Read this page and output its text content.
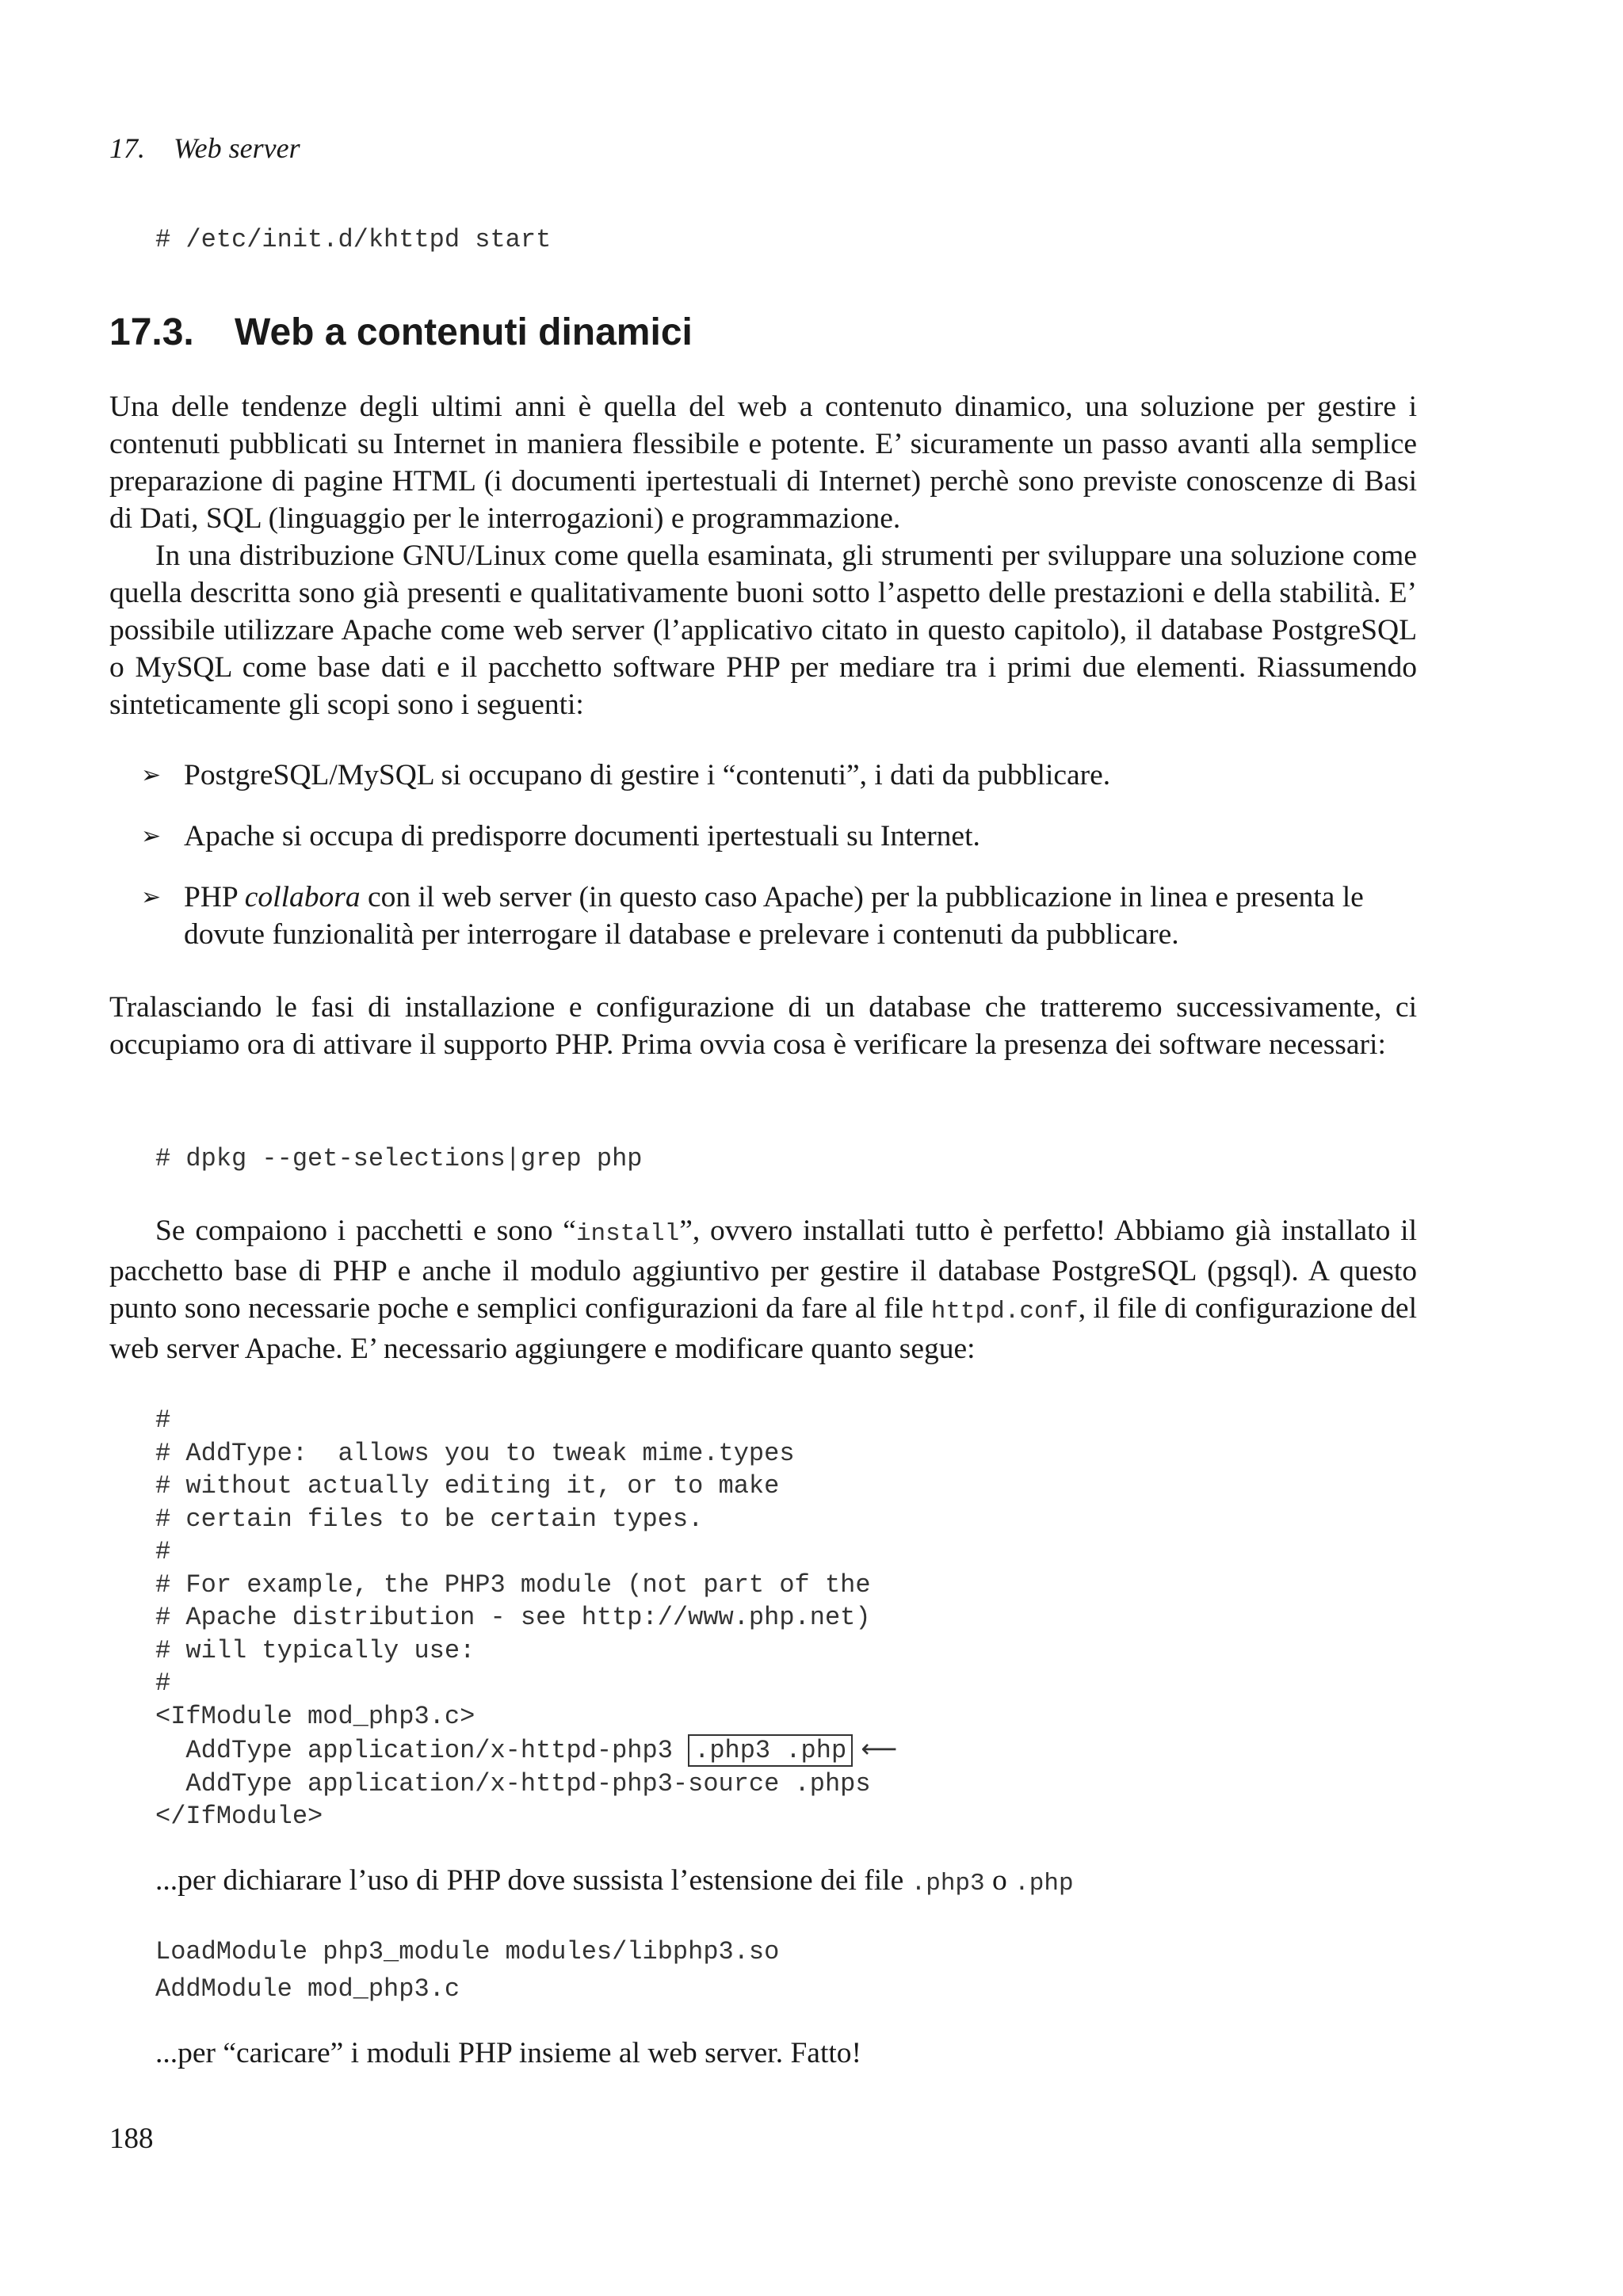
17. Web server
# /etc/init.d/khttpd start
17.3. Web a contenuti dinamici

Una delle tendenze degli ultimi anni è quella del web a contenuto dinamico, una soluzione per gestire i contenuti pubblicati su Internet in maniera flessibile e potente. E’ sicuramente un passo avanti alla semplice preparazione di pagine HTML (i documenti ipertestuali di Internet) perchè sono previste conoscenze di Basi di Dati, SQL (linguaggio per le interrogazioni) e programmazione.

In una distribuzione GNU/Linux come quella esaminata, gli strumenti per sviluppare una soluzione come quella descritta sono già presenti e qualitativamente buoni sotto l’aspetto delle prestazioni e della stabilità. E’ possibile utilizzare Apache come web server (l’applicativo citato in questo capitolo), il database PostgreSQL o MySQL come base dati e il pacchetto software PHP per mediare tra i primi due elementi. Riassumendo sinteticamente gli scopi sono i seguenti:

➢ PostgreSQL/MySQL si occupano di gestire i “contenuti”, i dati da pubblicare.
➢ Apache si occupa di predisporre documenti ipertestuali su Internet.
➢ PHP collabora con il web server (in questo caso Apache) per la pubblicazione in linea e presenta le dovute funzionalità per interrogare il database e prelevare i contenuti da pubblicare.

Tralasciando le fasi di installazione e configurazione di un database che tratteremo successivamente, ci occupiamo ora di attivare il supporto PHP. Prima ovvia cosa è verificare la presenza dei software necessari:

# dpkg --get-selections|grep php

Se compaiono i pacchetti e sono “install”, ovvero installati tutto è perfetto! Abbiamo già installato il pacchetto base di PHP e anche il modulo aggiuntivo per gestire il database PostgreSQL (pgsql). A questo punto sono necessarie poche e semplici configurazioni da fare al file httpd.conf, il file di configurazione del web server Apache. E’ necessario aggiungere e modificare quanto segue:

#
# AddType:  allows you to tweak mime.types
# without actually editing it, or to make
# certain files to be certain types.
#
# For example, the PHP3 module (not part of the
# Apache distribution - see http://www.php.net)
# will typically use:
#
<IfModule mod_php3.c>
AddType application/x-httpd-php3 .php3 .php ⟵
AddType application/x-httpd-php3-source .phps
</IfModule>
...per dichiarare l’uso di PHP dove sussista l’estensione dei file .php3 o .php
LoadModule php3_module modules/libphp3.so
AddModule mod_php3.c
...per “caricare” i moduli PHP insieme al web server. Fatto!
188
